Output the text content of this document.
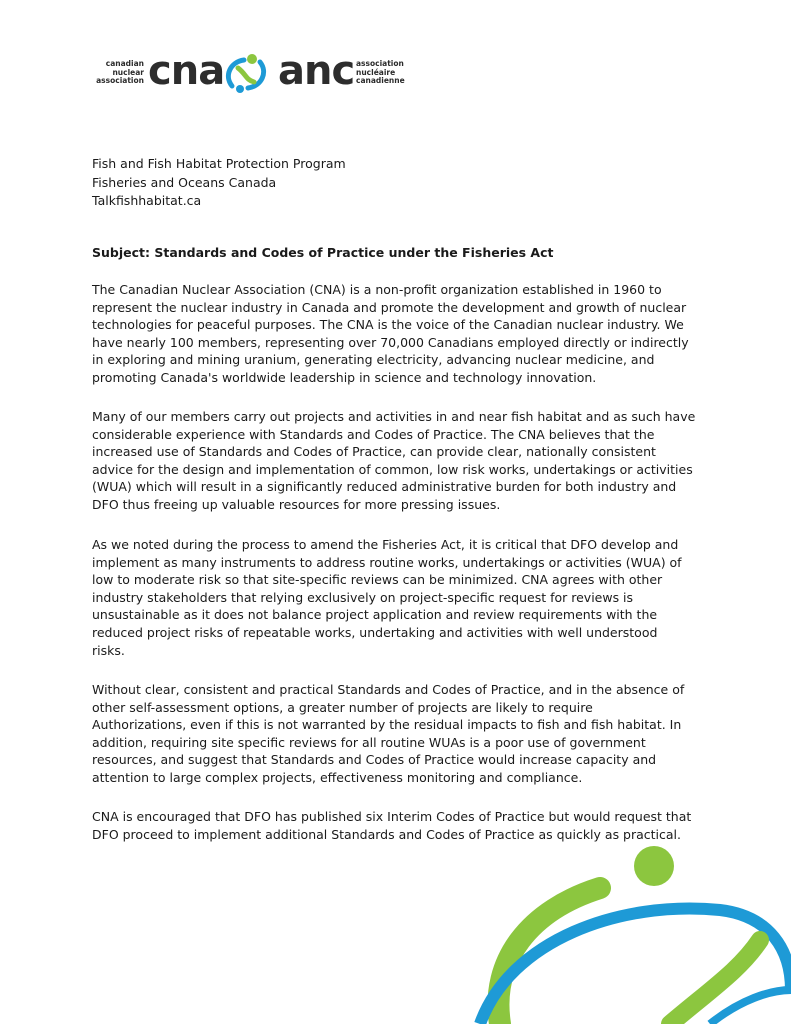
canadian
nuclear
association cna anc association
nucléaire
canadienne
Fish and Fish Habitat Protection Program
Fisheries and Oceans Canada
Talkfishhabitat.ca
Subject: Standards and Codes of Practice under the Fisheries Act

The Canadian Nuclear Association (CNA) is a non-profit organization established in 1960 to
represent the nuclear industry in Canada and promote the development and growth of nuclear
technologies for peaceful purposes. The CNA is the voice of the Canadian nuclear industry. We
have nearly 100 members, representing over 70,000 Canadians employed directly or indirectly
in exploring and mining uranium, generating electricity, advancing nuclear medicine, and
promoting Canada's worldwide leadership in science and technology innovation.

Many of our members carry out projects and activities in and near fish habitat and as such have
considerable experience with Standards and Codes of Practice. The CNA believes that the
increased use of Standards and Codes of Practice, can provide clear, nationally consistent
advice for the design and implementation of common, low risk works, undertakings or activities
(WUA) which will result in a significantly reduced administrative burden for both industry and
DFO thus freeing up valuable resources for more pressing issues.

As we noted during the process to amend the Fisheries Act, it is critical that DFO develop and
implement as many instruments to address routine works, undertakings or activities (WUA) of
low to moderate risk so that site-specific reviews can be minimized. CNA agrees with other
industry stakeholders that relying exclusively on project-specific request for reviews is
unsustainable as it does not balance project application and review requirements with the
reduced project risks of repeatable works, undertaking and activities with well understood
risks.

Without clear, consistent and practical Standards and Codes of Practice, and in the absence of
other self-assessment options, a greater number of projects are likely to require
Authorizations, even if this is not warranted by the residual impacts to fish and fish habitat. In
addition, requiring site specific reviews for all routine WUAs is a poor use of government
resources, and suggest that Standards and Codes of Practice would increase capacity and
attention to large complex projects, effectiveness monitoring and compliance.

CNA is encouraged that DFO has published six Interim Codes of Practice but would request that
DFO proceed to implement additional Standards and Codes of Practice as quickly as practical.
